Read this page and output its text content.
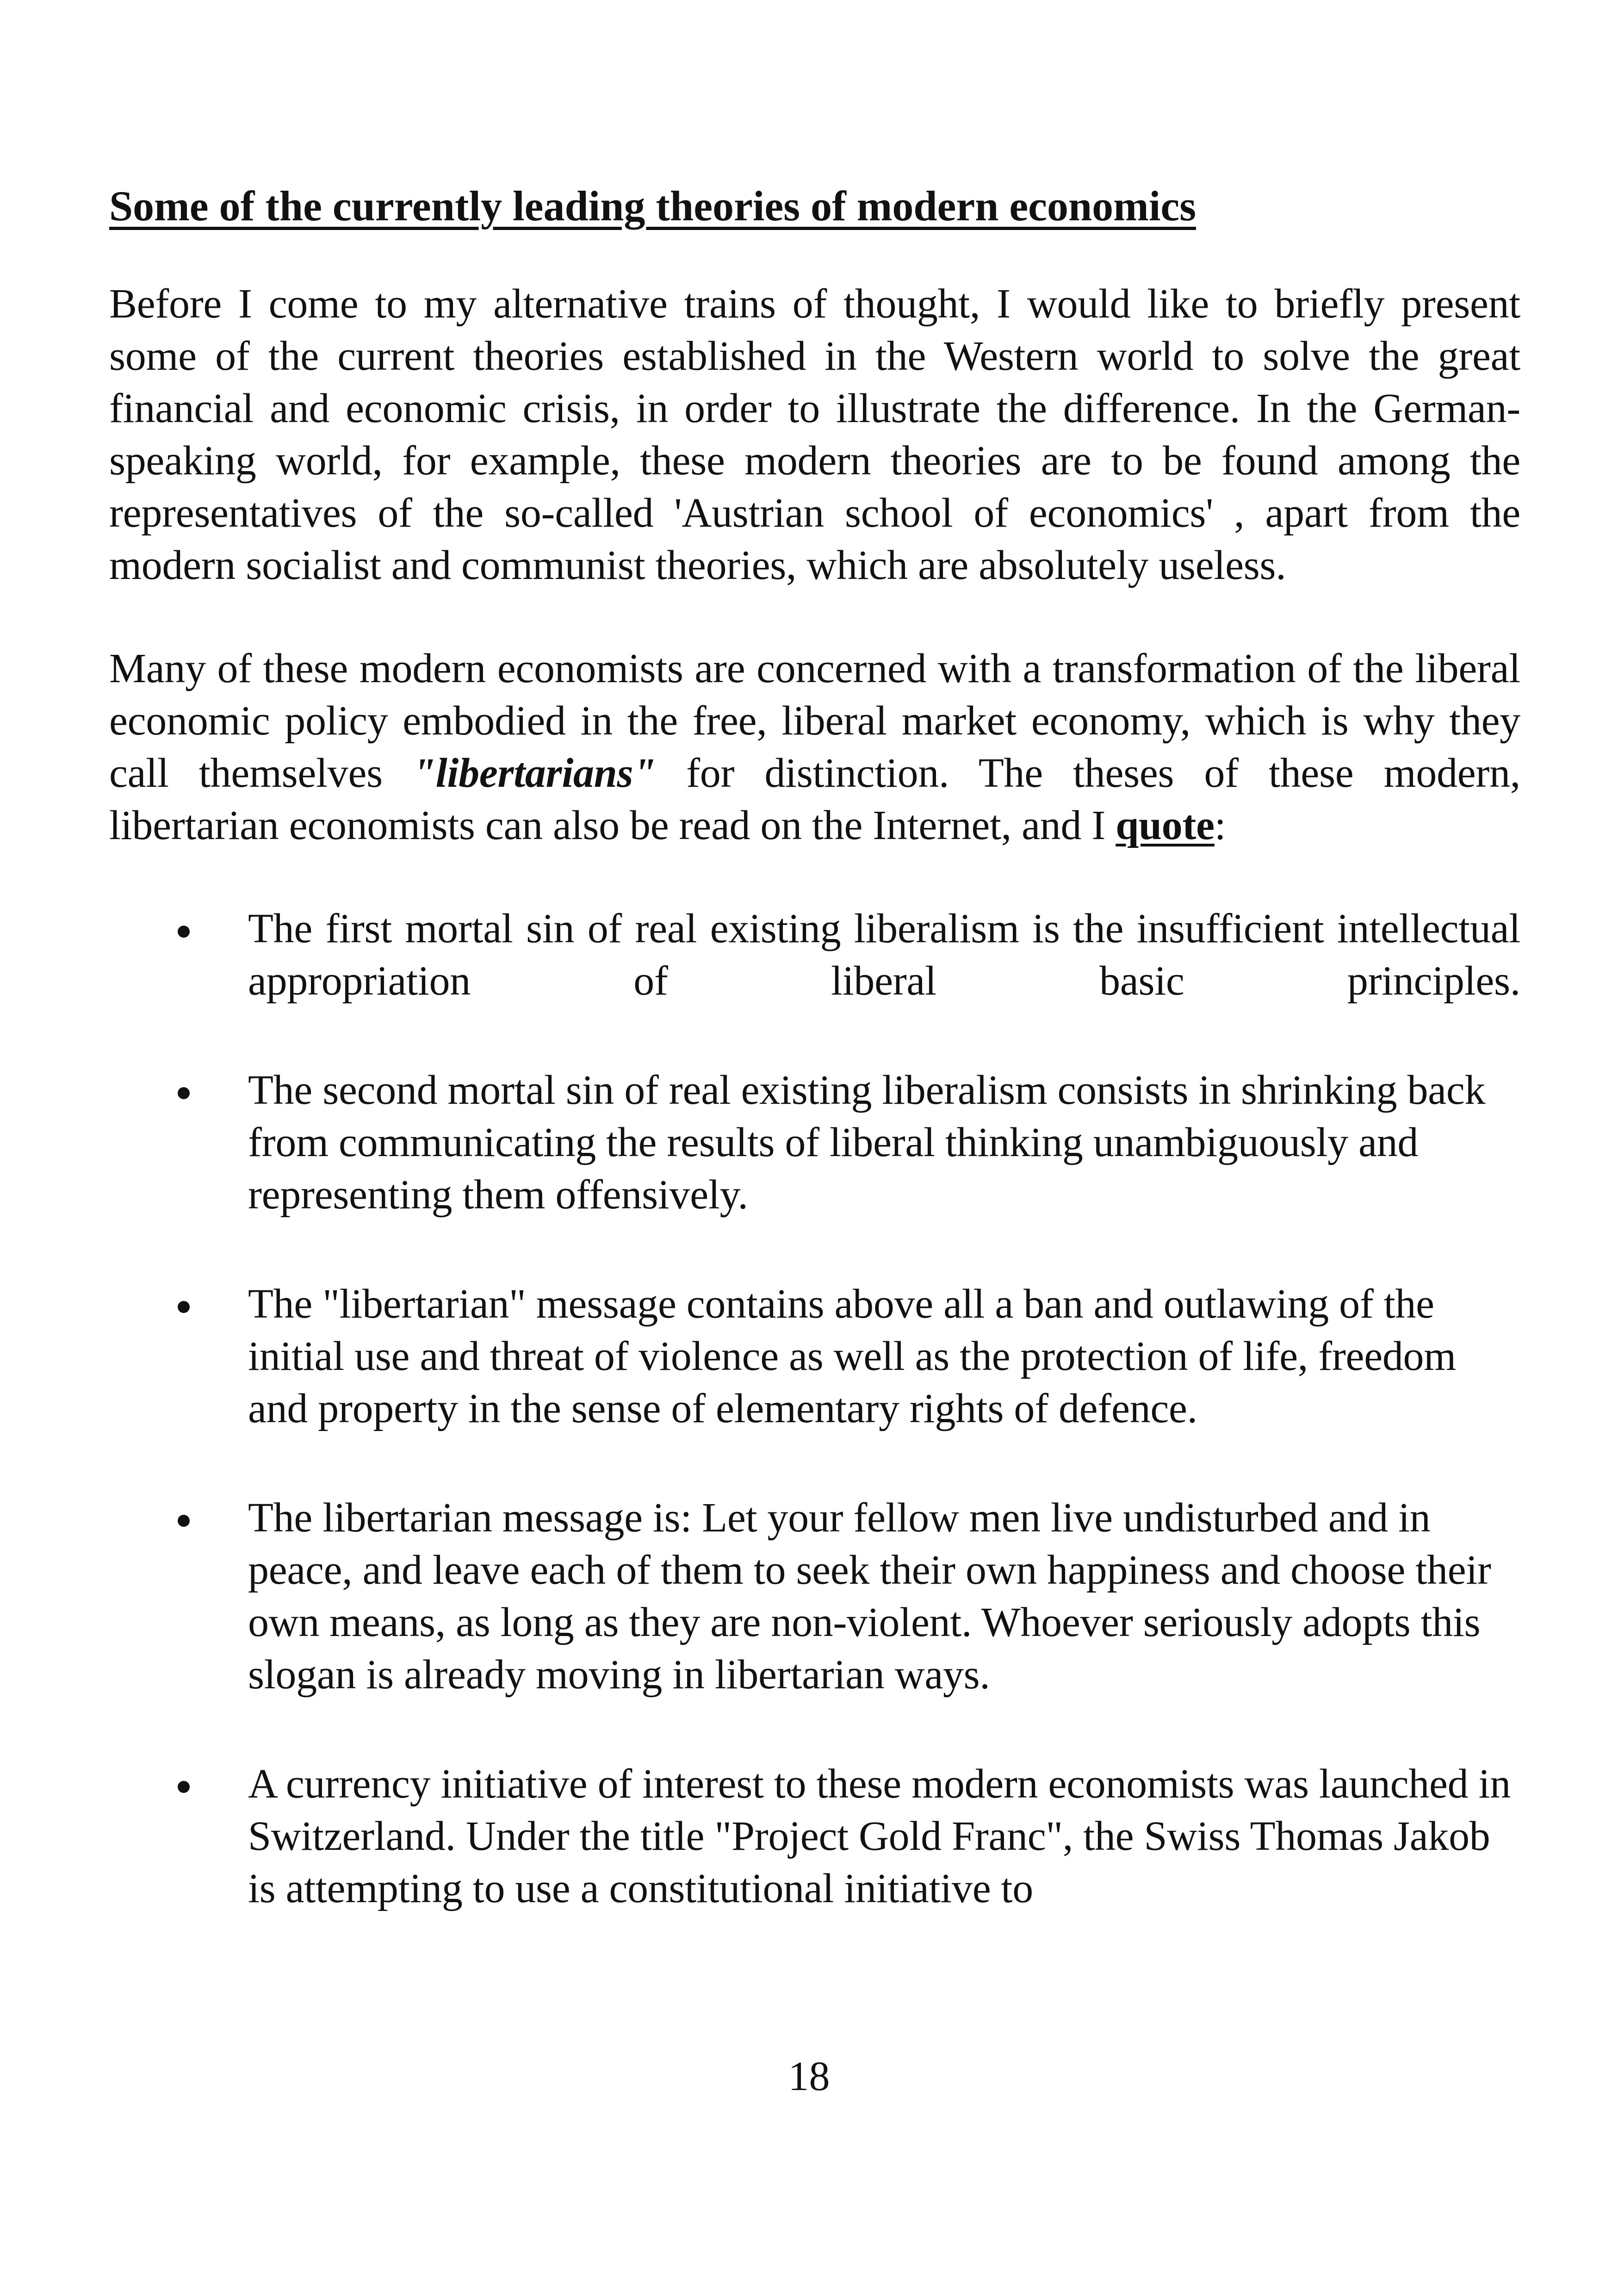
Some of the currently leading theories of modern economics

Before I come to my alternative trains of thought, I would like to briefly present some of the current theories established in the Western world to solve the great financial and economic crisis, in order to illustrate the difference. In the German-speaking world, for example, these modern theories are to be found among the representatives of the so-called 'Austrian school of economics' , apart from the modern socialist and communist theories, which are absolutely useless.

Many of these modern economists are concerned with a transformation of the liberal economic policy embodied in the free, liberal market economy, which is why they call themselves "libertarians" for distinction. The theses of these modern, libertarian economists can also be read on the Internet, and I quote:

The first mortal sin of real existing liberalism is the insufficient intellectual appropriation of liberal basic principles.
The second mortal sin of real existing liberalism consists in shrinking back from communicating the results of liberal thinking unambiguously and representing them offensively.
The "libertarian" message contains above all a ban and outlawing of the initial use and threat of violence as well as the protection of life, freedom and property in the sense of elementary rights of defence.
The libertarian message is: Let your fellow men live undisturbed and in peace, and leave each of them to seek their own happiness and choose their own means, as long as they are non-violent. Whoever seriously adopts this slogan is already moving in libertarian ways.
A currency initiative of interest to these modern economists was launched in Switzerland. Under the title "Project Gold Franc", the Swiss Thomas Jakob is attempting to use a constitutional initiative to
18
